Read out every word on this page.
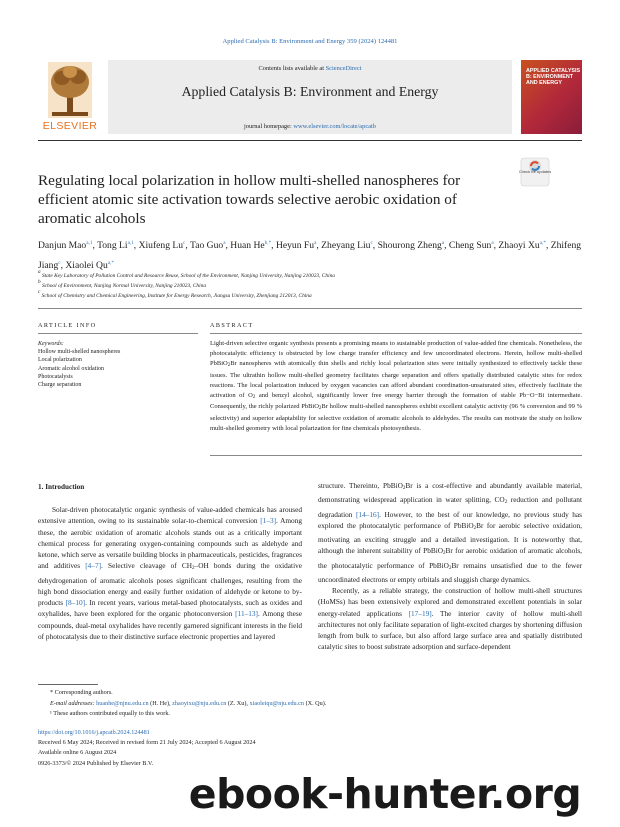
Applied Catalysis B: Environment and Energy 359 (2024) 124481
ELSEVIER
Contents lists available at ScienceDirect
Applied Catalysis B: Environment and Energy
journal homepage: www.elsevier.com/locate/apcatb
APPLIED CATALYSIS B: ENVIRONMENT AND ENERGY
Regulating local polarization in hollow multi-shelled nanospheres for efficient atomic site activation towards selective aerobic oxidation of aromatic alcohols
Check for updates
Danjun Mao$^{a,1}$, Tong Li$^{a,1}$, Xiufeng Lu$^c$, Tao Guo$^a$, Huan $He^{b,*}$, Heyun Fu$^a$, Zheyang Liu$^c$, Shourong Zheng$^a$, Cheng Sun$^a$, Zhaoyi $Xu^{a,*}$, Zhifeng Jiang$^c$, Xiaolei $Qu^{a,*}$
$^a$ State Key Laboratory of Pollution Control and Resource Reuse, School of the Environment, Nanjing University, Nanjing 210023, China
$^b$ School of Environment, Nanjing Normal University, Nanjing 210023, China
$^c$ School of Chemistry and Chemical Engineering, Institute for Energy Research, Jiangsu University, Zhenjiang 212013, China
ARTICLE INFO	ABSTRACT
Keywords:
Hollow multi-shelled nanospheres
Local polarization
Aromatic alcohol oxidation
Photocatalysis
Charge separation
Light-driven selective organic synthesis presents a promising means to sustainable production of value-added fine chemicals. Nonetheless, the photocatalytic efficiency is obstructed by low charge transfer efficiency and few uncoordinated electrons. Herein, hollow multi-shelled PbBiO$_2$Br nanospheres with atomically thin shells and richly local polarization sites were initially synthesized to effectively tackle these issues. The ultrathin hollow multi-shelled geometry facilitates charge separation and offers spatially distributed catalytic sites for redox reactions. The local polarization induced by oxygen vacancies can afford abundant coordination-unsaturated sites, effectively facilitate the activation of $O_2$ and benzyl alcohol, significantly lower free energy barrier through the formation of stable Pb−O−Bi intermediate. Consequently, the richly polarized PbBiO$_2$Br hollow multi-shelled nanospheres exhibit excellent catalytic activity (96 % conversion and 99 % selectivity) and superior adaptability for selective oxidation of aromatic alcohols to aldehydes. The results can motivate the study on hollow multi-shelled geometry with local polarization for fine chemicals photosynthesis.
1. Introduction
Solar-driven photocatalytic organic synthesis of value-added chemicals has aroused extensive attention, owing to its sustainable solar-to-chemical conversion [1–3]. Among these, the aerobic oxidation of aromatic alcohols stands out as a critically important chemical process for generating oxygen-containing compounds such as aldehyde and ketone, which serve as versatile building blocks in pharmaceuticals, pesticides, fragrances and additives [4–7]. Selective cleavage of $CH_2-OH$ bonds during the oxidative dehydrogenation of aromatic alcohols poses significant challenges, resulting from the high bond dissociation energy and easily further oxidation of aldehyde or ketone to by-products [8–10]. In recent years, various metal-based photocatalysts, such as oxides and oxyhalides, have been explored for the organic photoconversion [11–13]. Among these compounds, dual-metal oxyhalides have recently garnered significant interests in the field of photocatalysis due to their distinctive surface electronic properties and layered

structure. Thereinto, PbBiO$_2$Br is a cost-effective and abundantly available material, demonstrating widespread application in water splitting, $CO_2$ reduction and pollutant degradation [14–16]. However, to the best of our knowledge, no previous study has explored the photocatalytic performance of PbBiO$_2$Br for aerobic selective oxidation, motivating an exciting struggle and a detailed investigation. It is noteworthy that, although the inherent suitability of PbBiO$_2$Br for aerobic oxidation of aromatic alcohols, the photocatalytic performance of PbBiO$_2$Br remains unsatisfied due to the fewer uncoordinated electrons or empty orbitals and sluggish charge dynamics.

Recently, as a reliable strategy, the construction of hollow multi-shell structures (HoMSs) has been extensively explored and demonstrated excellent potentials in solar energy-related applications [17–19]. The interior cavity of hollow multi-shell architectures not only facilitate separation of light-excited charges by shortening diffusion length from bulk to surface, but also afford large surface area and spatially distributed catalytic sites to boost substrate adsorption and surface-dependent

* Corresponding authors.
E-mail addresses: huanhe@njnu.edu.cn (H. He), zhaoyixu@nju.edu.cn (Z. Xu), xiaoleiqu@nju.edu.cn (X. Qu).
¹ These authors contributed equally to this work.
https://doi.org/10.1016/j.apcatb.2024.124481
Received 6 May 2024; Received in revised form 21 July 2024; Accepted 6 August 2024
Available online 6 August 2024
0926-3373/© 2024 Published by Elsevier B.V.
ebook-hunter.org
